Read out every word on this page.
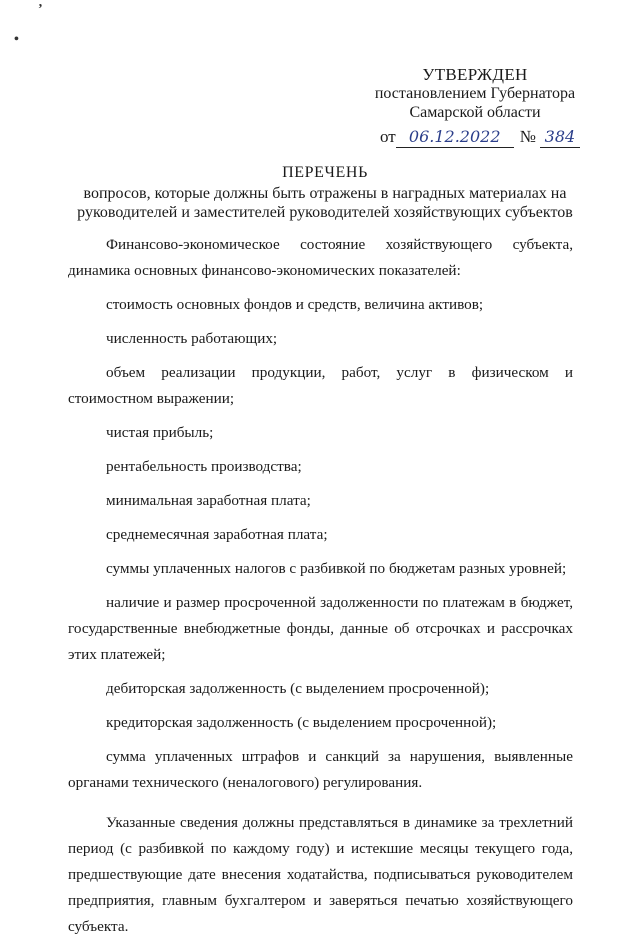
’
•
УТВЕРЖДЕН
постановлением Губернатора
Самарской области
от 06.12.2022 № 384
ПЕРЕЧЕНЬ
вопросов, которые должны быть отражены в наградных материалах на
руководителей и заместителей руководителей хозяйствующих субъектов

Финансово-экономическое состояние хозяйствующего субъекта, динамика основных финансово-экономических показателей:

стоимость основных фондов и средств, величина активов;

численность работающих;

объем реализации продукции, работ, услуг в физическом и стоимостном выражении;

чистая прибыль;

рентабельность производства;

минимальная заработная плата;

среднемесячная заработная плата;

суммы уплаченных налогов с разбивкой по бюджетам разных уровней;

наличие и размер просроченной задолженности по платежам в бюджет, государственные внебюджетные фонды, данные об отсрочках и рассрочках этих платежей;

дебиторская задолженность (с выделением просроченной);

кредиторская задолженность (с выделением просроченной);

сумма уплаченных штрафов и санкций за нарушения, выявленные органами технического (неналогового) регулирования.

Указанные сведения должны представляться в динамике за трехлетний период (с разбивкой по каждому году) и истекшие месяцы текущего года, предшествующие дате внесения ходатайства, подписываться руководителем предприятия, главным бухгалтером и заверяться печатью хозяйствующего субъекта.
